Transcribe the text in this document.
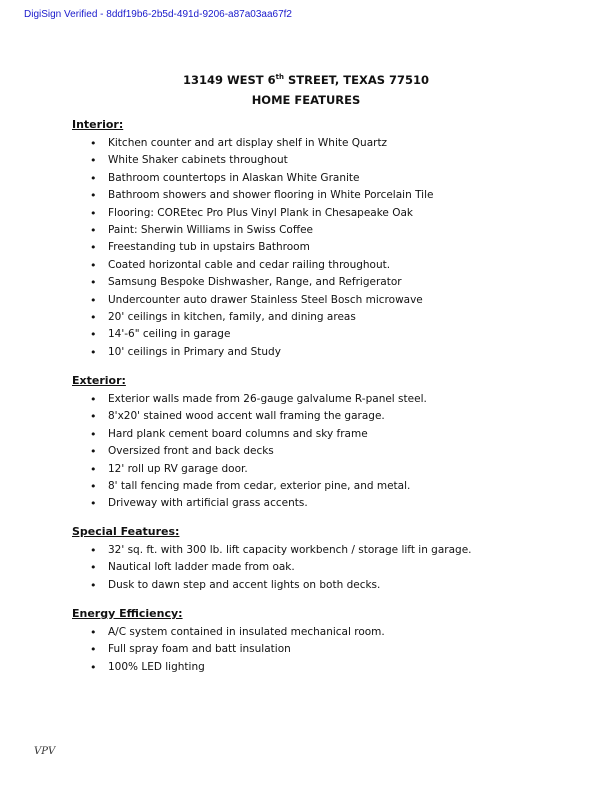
DigiSign Verified - 8ddf19b6-2b5d-491d-9206-a87a03aa67f2
13149 WEST 6th STREET, TEXAS 77510
HOME FEATURES
Interior:
• Kitchen counter and art display shelf in White Quartz
• White Shaker cabinets throughout
• Bathroom countertops in Alaskan White Granite
• Bathroom showers and shower flooring in White Porcelain Tile
• Flooring: COREtec Pro Plus Vinyl Plank in Chesapeake Oak
• Paint: Sherwin Williams in Swiss Coffee
• Freestanding tub in upstairs Bathroom
• Coated horizontal cable and cedar railing throughout.
• Samsung Bespoke Dishwasher, Range, and Refrigerator
• Undercounter auto drawer Stainless Steel Bosch microwave
• 20' ceilings in kitchen, family, and dining areas
• 14'-6" ceiling in garage
• 10' ceilings in Primary and Study
Exterior:
• Exterior walls made from 26-gauge galvalume R-panel steel.
• 8'x20' stained wood accent wall framing the garage.
• Hard plank cement board columns and sky frame
• Oversized front and back decks
• 12' roll up RV garage door.
• 8' tall fencing made from cedar, exterior pine, and metal.
• Driveway with artificial grass accents.
Special Features:
• 32' sq. ft. with 300 lb. lift capacity workbench / storage lift in garage.
• Nautical loft ladder made from oak.
• Dusk to dawn step and accent lights on both decks.
Energy Efficiency:
• A/C system contained in insulated mechanical room.
• Full spray foam and batt insulation
• 100% LED lighting
VPV
